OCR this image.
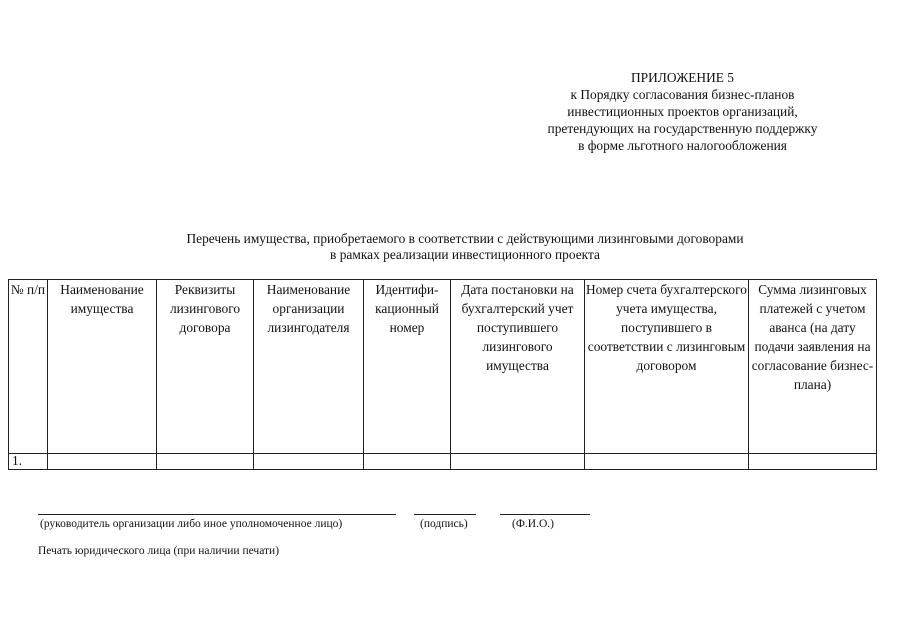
ПРИЛОЖЕНИЕ 5
к Порядку согласования бизнес-планов
инвестиционных проектов организаций,
претендующих на государственную поддержку
в форме льготного налогообложения
Перечень имущества, приобретаемого в соответствии с действующими лизинговыми договорами
в рамках реализации инвестиционного проекта
№ п/п	Наименование имущества	Реквизиты лизингового договора	Наименование организации лизингодателя	Идентифи- кационный номер	Дата постановки на бухгалтерский учет поступившего лизингового имущества	Номер счета бухгалтерского учета имущества, поступившего в соответствии с лизинговым договором	Сумма лизинговых платежей с учетом аванса (на дату подачи заявления на согласование бизнес-плана)
1.							
(руководитель организации либо иное уполномоченное лицо)	(подпись)	(Ф.И.О.)
Печать юридического лица (при наличии печати)
